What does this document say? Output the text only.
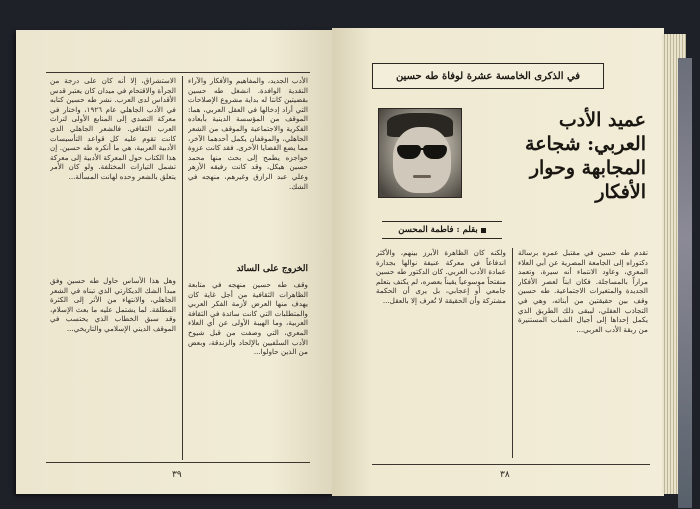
الأدب الجديد، والمفاهيم والأفكار والآراء النقدية الوافدة. انشغل طه حسين بقضيتين كانتا له بداية مشروع الإصلاحات التي أراد إدخالها في العقل العربي، هما: الموقف من المؤسسة الدينية بأبعاده الفكرية والاجتماعية والموقف من الشعر الجاهلي، والموقفان يكمل أحدهما الآخر، مما يضع القضايا الأخرى. فقد كانت عزوة حواجزه يطمح إلى بحث منها محمد حسين هيكل، وقد كانت رفيقه الأزهر وعلي عبد الرازق وغيرهم، منهجه في الشك.
الخروج على السائد
وقف طه حسين منهجه في متابعة الظاهرات الثقافية من أجل غاية كان يهدف منها العرض لأزمة الفكر العربي والمتطلبات التي كانت سائدة في الثقافة العربية، وما الهيبة الأولى عن أي العلاء المعري، التي وصفت من قبل شيوخ الأدب السلفيين بالإلحاد والزندقة، وبعض من الذين حاولوا...
الاستشراق، إلا أنه كان على درجة من الجرأة والاقتحام في ميدان كان يعتبر قدس الأقداس لدى العرب. نشر طه حسين كتابه في الأدب الجاهلي عام ١٩٢٦، واختار في معركة التصدي إلى المنابع الأولى لتراث العرب الثقافي. فالشعر الجاهلي الذي كانت تقوم عليه كل قواعد التأسيسات الأدبية العربية، هي ما أنكره طه حسين. إن هذا الكتاب حول المعركة الأدبية إلى معركة تشمل التيارات المختلفة. ولو كان الأمر يتعلق بالشعر وحده لهانت المسألة...
وهل هذا الأساس حاول طه حسين وفق مبدأ الشك الديكارتي الذي تبناه في الشعر الجاهلي، والانتهاء من الأثر إلى الكثرة المطلقة. لما يشتمل عليه ما بعث الإسلام، وقد سبق الخطاب الذي يحتسب في الموقف الديني الإسلامي والتاريخي...
٣٩
في الذكرى الخامسة عشرة لوفاة طه حسين
عميد الأدب العربي: شجاعة المجابهة وحوار الأفكار
بقلم : فاطمة المحسن
ولكنه كان الظاهرة الأبرز بينهم، والأكثر اندفاعاً في معركة عنيفة نوالها بجدارة عمادة الأدب العربي. كان الدكتور طه حسين منفتحاً موسوعياً يقيناً بعصره، لم يكتف بتعلم جامعي أو إعجابي، بل يرى أن الحكمة مشتركة وأن الحقيقة لا تُعرف إلا بالعقل...
تقدم طه حسين في مقتبل عمره برسالة دكتوراه إلى الجامعة المصرية عن أبي العلاء المعري، وعاود الانتماء أنه سيرة، وتعمد مراراً بالمساجلة. فكان ابناً لعصر الأفكار الجديدة والمتغيرات الاجتماعية. طه حسين وقف بين حقيقتين من أبنائه، وهي في التجاذب العقلي، ليبقى ذلك الطريق الذي يكمل إحداها إلى أجيال الشباب المستنيرة من ربقة الأدب العربي...
٣٨
